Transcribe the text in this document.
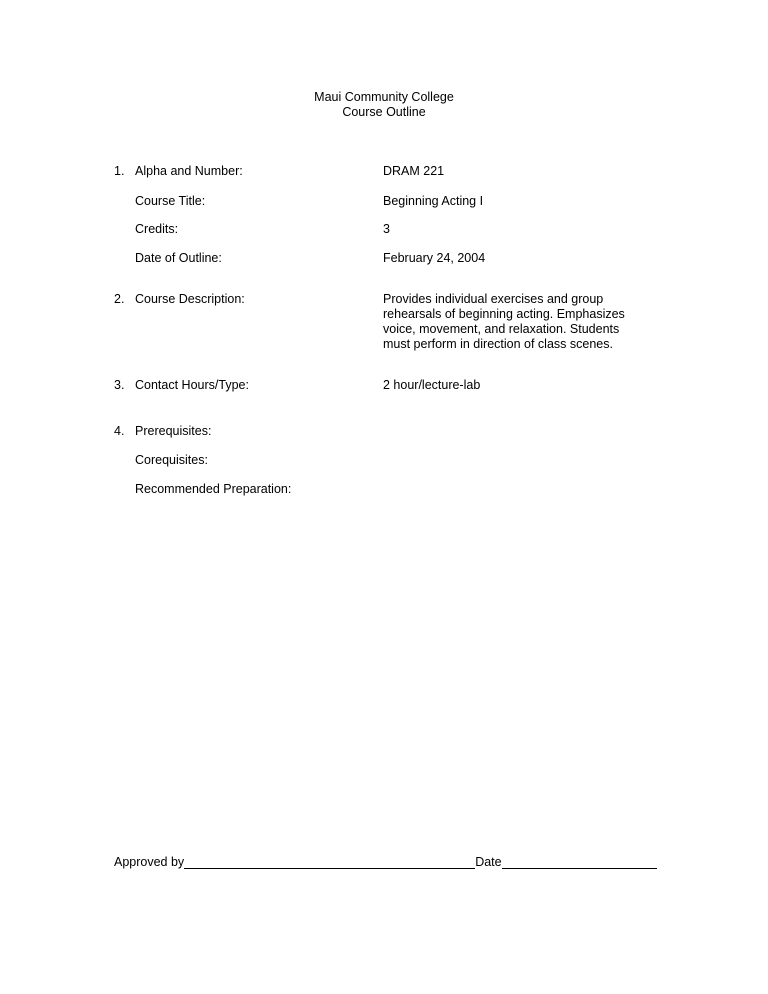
Maui Community College
Course Outline
1. Alpha and Number:	DRAM 221
Course Title:	Beginning Acting I
Credits:	3
Date of Outline:	February 24, 2004
2. Course Description:	Provides individual exercises and group
rehearsals of beginning acting. Emphasizes
voice, movement, and relaxation. Students
must perform in direction of class scenes.
3. Contact Hours/Type:	2 hour/lecture-lab
4. Prerequisites:
Corequisites:
Recommended Preparation:
Approved by	Date
